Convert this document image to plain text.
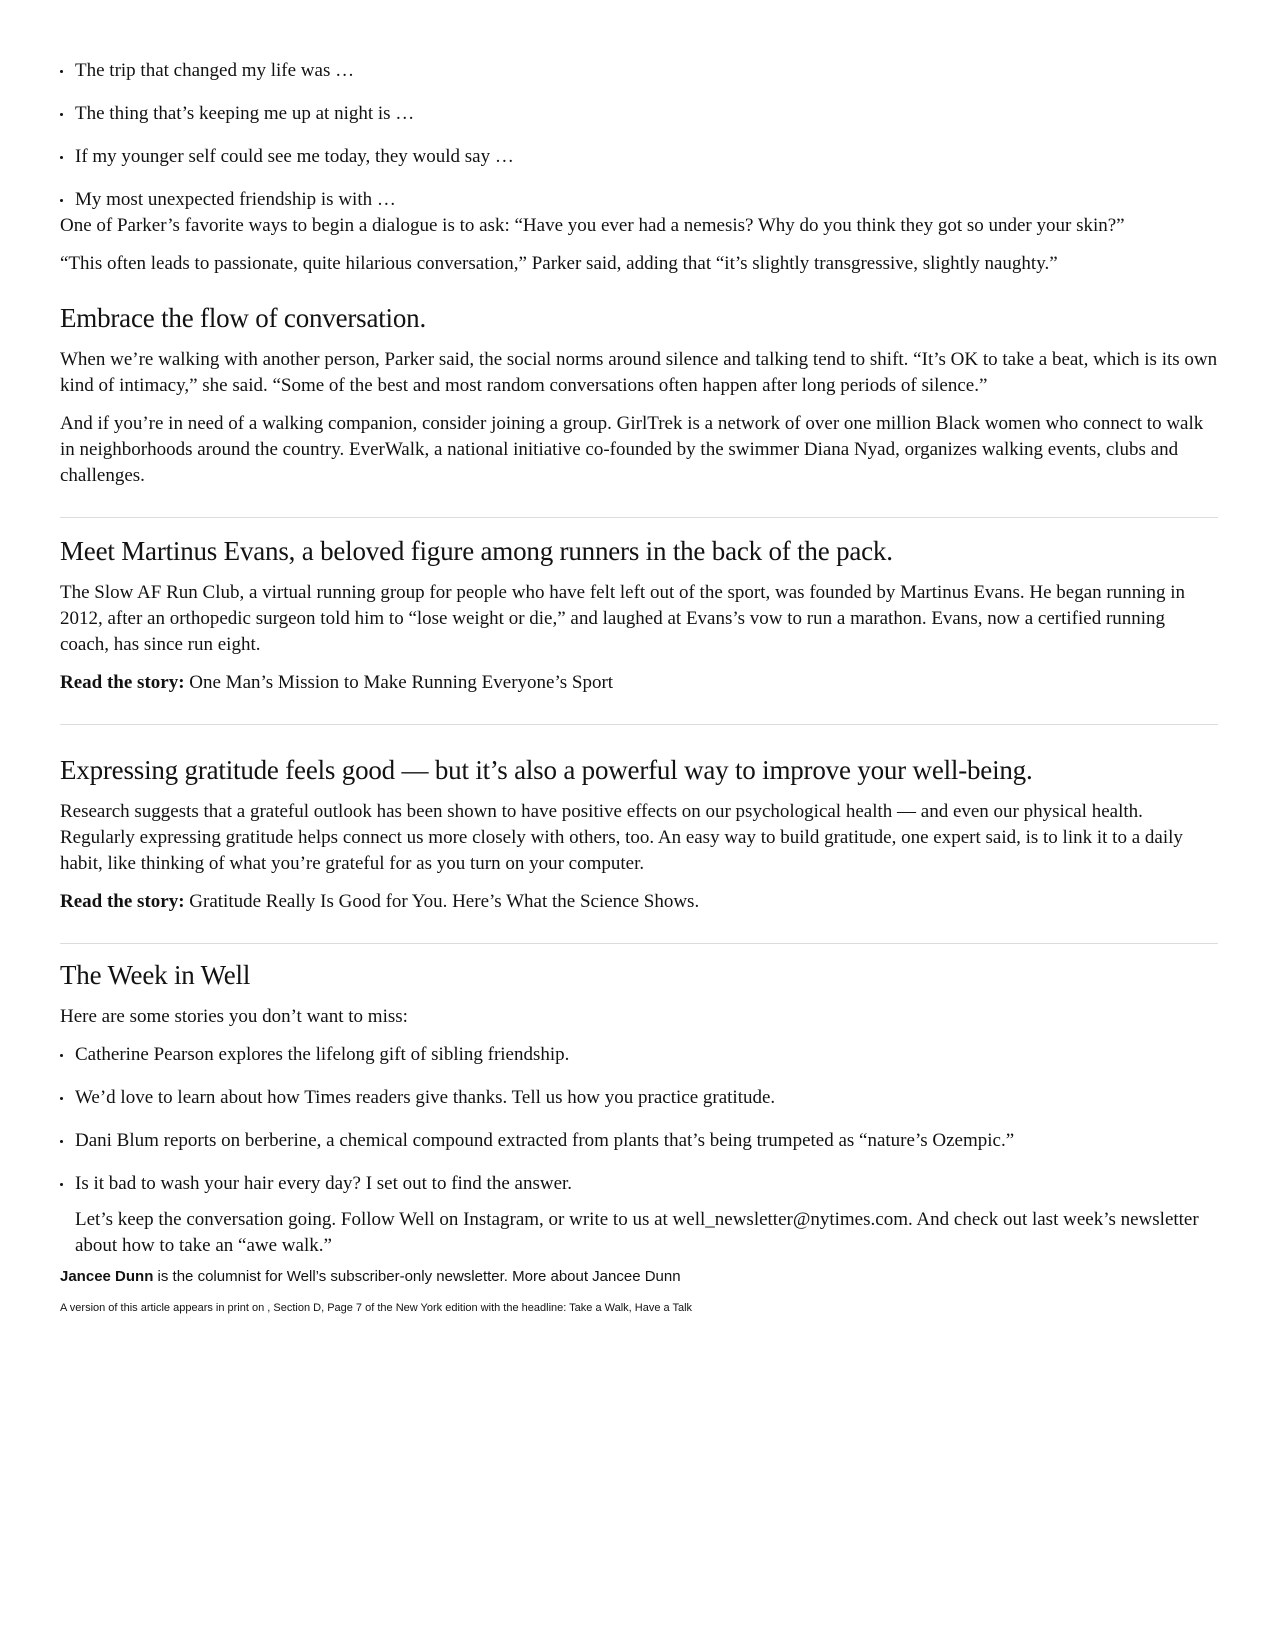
The trip that changed my life was …
The thing that’s keeping me up at night is …
If my younger self could see me today, they would say …
My most unexpected friendship is with …

One of Parker’s favorite ways to begin a dialogue is to ask: “Have you ever had a nemesis? Why do you think they got so under your skin?”

“This often leads to passionate, quite hilarious conversation,” Parker said, adding that “it’s slightly transgressive, slightly naughty.”

Embrace the flow of conversation.

When we’re walking with another person, Parker said, the social norms around silence and talking tend to shift. “It’s OK to take a beat, which is its own kind of intimacy,” she said. “Some of the best and most random conversations often happen after long periods of silence.”

And if you’re in need of a walking companion, consider joining a group. GirlTrek is a network of over one million Black women who connect to walk in neighborhoods around the country. EverWalk, a national initiative co-founded by the swimmer Diana Nyad, organizes walking events, clubs and challenges.

Meet Martinus Evans, a beloved figure among runners in the back of the pack.

The Slow AF Run Club, a virtual running group for people who have felt left out of the sport, was founded by Martinus Evans. He began running in 2012, after an orthopedic surgeon told him to “lose weight or die,” and laughed at Evans’s vow to run a marathon. Evans, now a certified running coach, has since run eight.

Read the story: One Man’s Mission to Make Running Everyone’s Sport

Expressing gratitude feels good — but it’s also a powerful way to improve your well-being.

Research suggests that a grateful outlook has been shown to have positive effects on our psychological health — and even our physical health. Regularly expressing gratitude helps connect us more closely with others, too. An easy way to build gratitude, one expert said, is to link it to a daily habit, like thinking of what you’re grateful for as you turn on your computer.

Read the story: Gratitude Really Is Good for You. Here’s What the Science Shows.

The Week in Well

Here are some stories you don’t want to miss:

Catherine Pearson explores the lifelong gift of sibling friendship.
We’d love to learn about how Times readers give thanks. Tell us how you practice gratitude.
Dani Blum reports on berberine, a chemical compound extracted from plants that’s being trumpeted as “nature’s Ozempic.”
Is it bad to wash your hair every day? I set out to find the answer.

Let’s keep the conversation going. Follow Well on Instagram, or write to us at well_newsletter@nytimes.com. And check out last week’s newsletter about how to take an “awe walk.”

Jancee Dunn is the columnist for Well’s subscriber-only newsletter. More about Jancee Dunn
A version of this article appears in print on , Section D, Page 7 of the New York edition with the headline: Take a Walk, Have a Talk
